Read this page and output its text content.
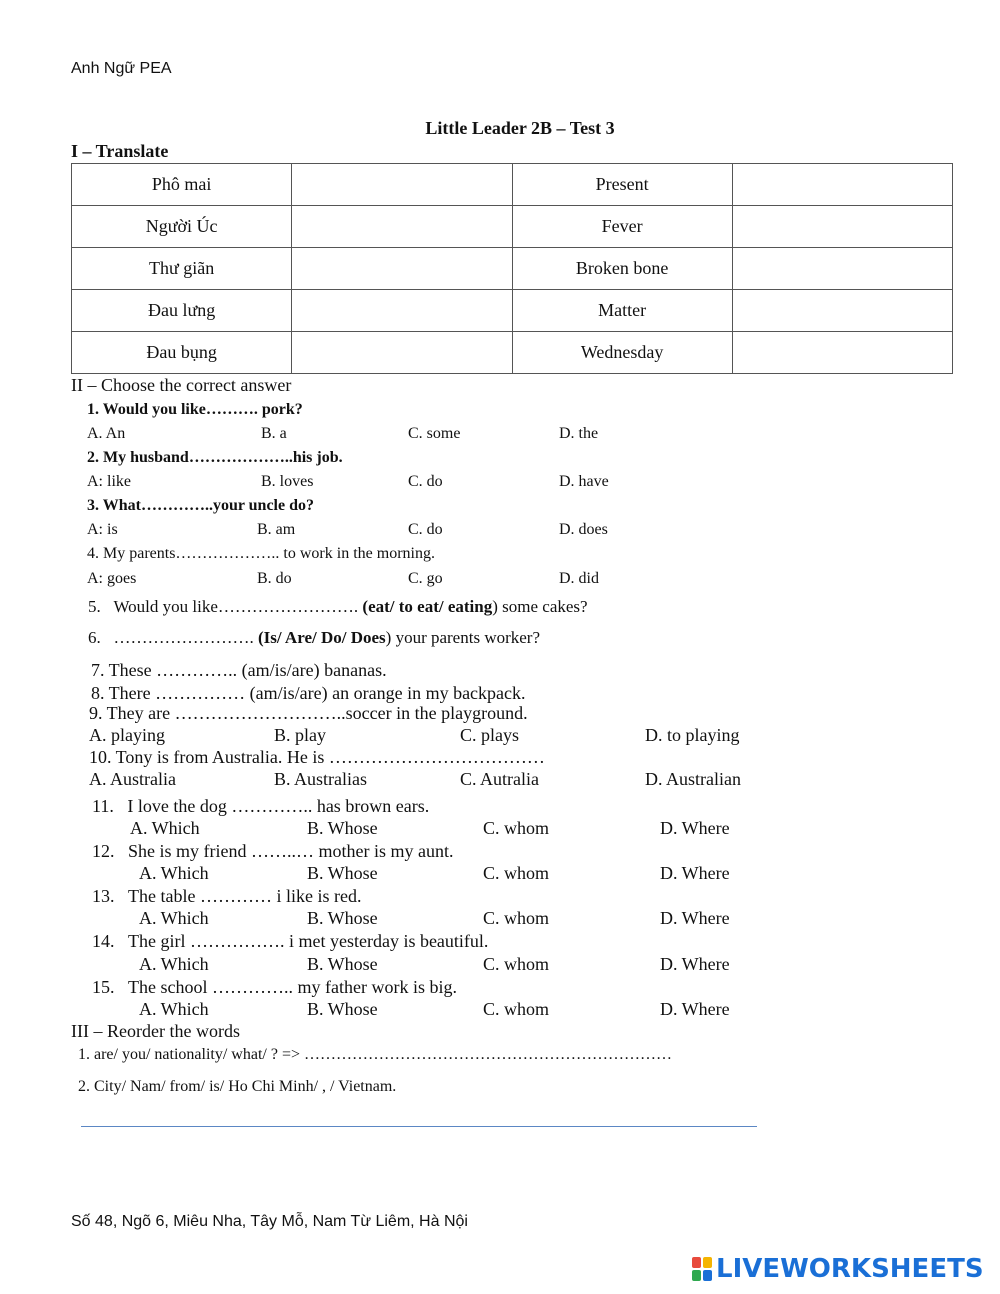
Anh Ngữ PEA
Little Leader 2B – Test 3
I – Translate
Phô mai		Present	
Người Úc		Fever	
Thư giãn		Broken bone	
Đau lưng		Matter	
Đau bụng		Wednesday	
II – Choose the correct answer
1. Would you like………. pork?
A. An	B. a	C. some	D. the
2. My husband………………..his job.
A: like	B. loves	C. do	D. have
3. What…………..your uncle do?
A: is	B. am	C. do	D. does
4. My parents……………….. to work in the morning.
A: goes	B. do	C. go	D. did
5. Would you like……………………. (eat/ to eat/ eating) some cakes?
6. ……………………. (Is/ Are/ Do/ Does) your parents worker?
7. These ………….. (am/is/are) bananas.
8. There …………… (am/is/are) an orange in my backpack.
9. They are ………………………..soccer in the playground.
A. playing	B. play	C. plays	D. to playing
10. Tony is from Australia. He is ………………………………
A. Australia	B. Australias	C. Autralia	D. Australian
11. I love the dog ………….. has brown ears.
A. Which	B. Whose	C. whom	D. Where
12. She is my friend ……..… mother is my aunt.
A. Which	B. Whose	C. whom	D. Where
13. The table ………… i like is red.
A. Which	B. Whose	C. whom	D. Where
14. The girl ……………. i met yesterday is beautiful.
A. Which	B. Whose	C. whom	D. Where
15. The school ………….. my father work is big.
A. Which	B. Whose	C. whom	D. Where
III – Reorder the words
1. are/ you/ nationality/ what/ ? => ……………………………………………………………
2. City/ Nam/ from/ is/ Ho Chi Minh/ , / Vietnam.
Số 48, Ngõ 6, Miêu Nha, Tây Mỗ, Nam Từ Liêm, Hà Nội
LIVEWORKSHEETS
